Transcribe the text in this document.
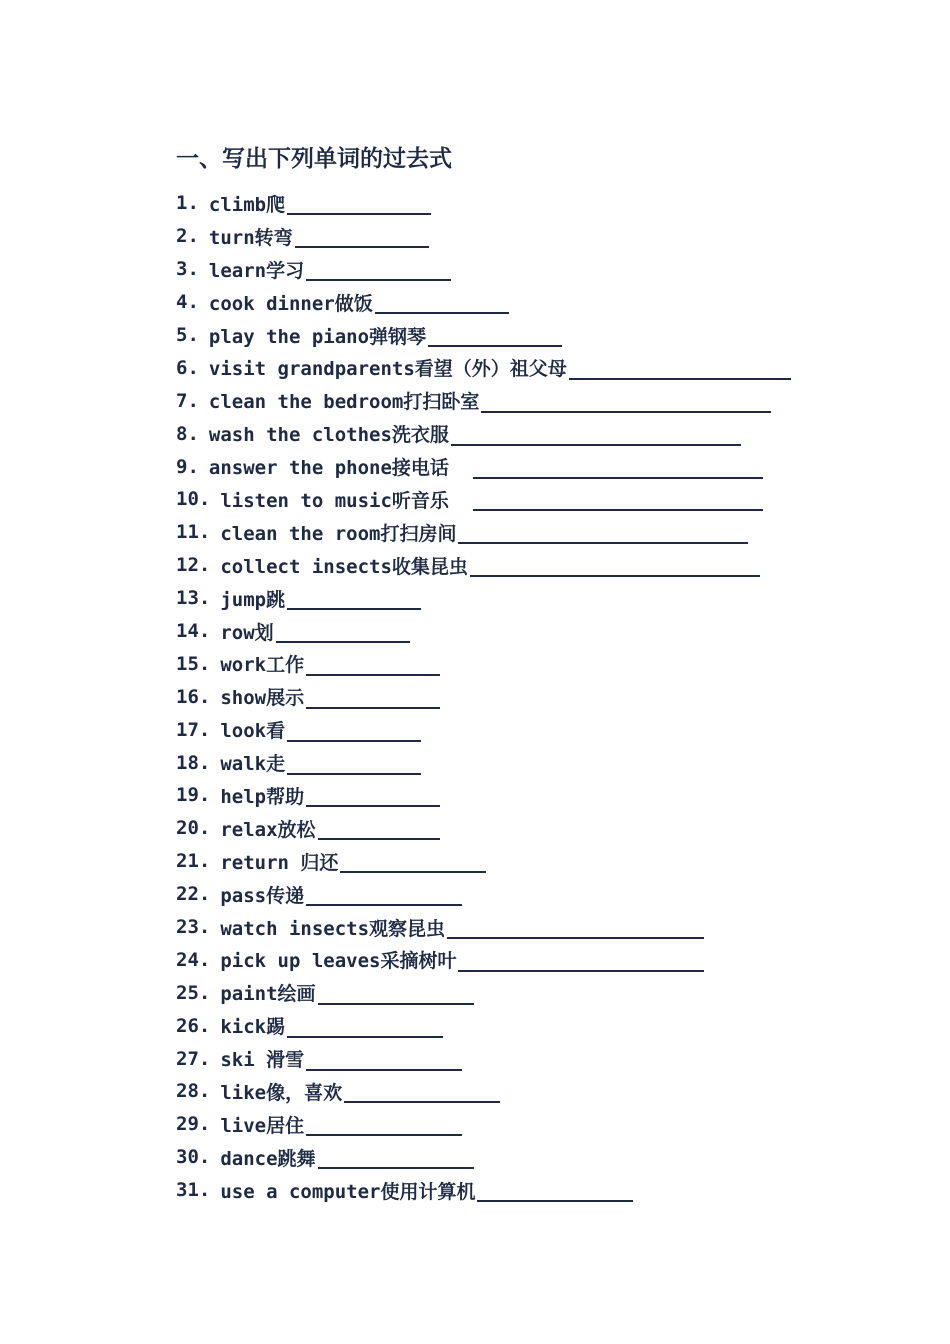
一、写出下列单词的过去式
1. climb爬
2. turn转弯
3. learn学习
4. cook dinner做饭
5. play the piano弹钢琴
6. visit grandparents看望（外）祖父母
7. clean the bedroom打扫卧室
8. wash the clothes洗衣服
9. answer the phone接电话
10. listen to music听音乐
11. clean the room打扫房间
12. collect insects收集昆虫
13. jump跳
14. row划
15. work工作
16. show展示
17. look看
18. walk走
19. help帮助
20. relax放松
21. return 归还
22. pass传递
23. watch insects观察昆虫
24. pick up leaves采摘树叶
25. paint绘画
26. kick踢
27. ski 滑雪
28. like像，喜欢
29. live居住
30. dance跳舞
31. use a computer使用计算机
